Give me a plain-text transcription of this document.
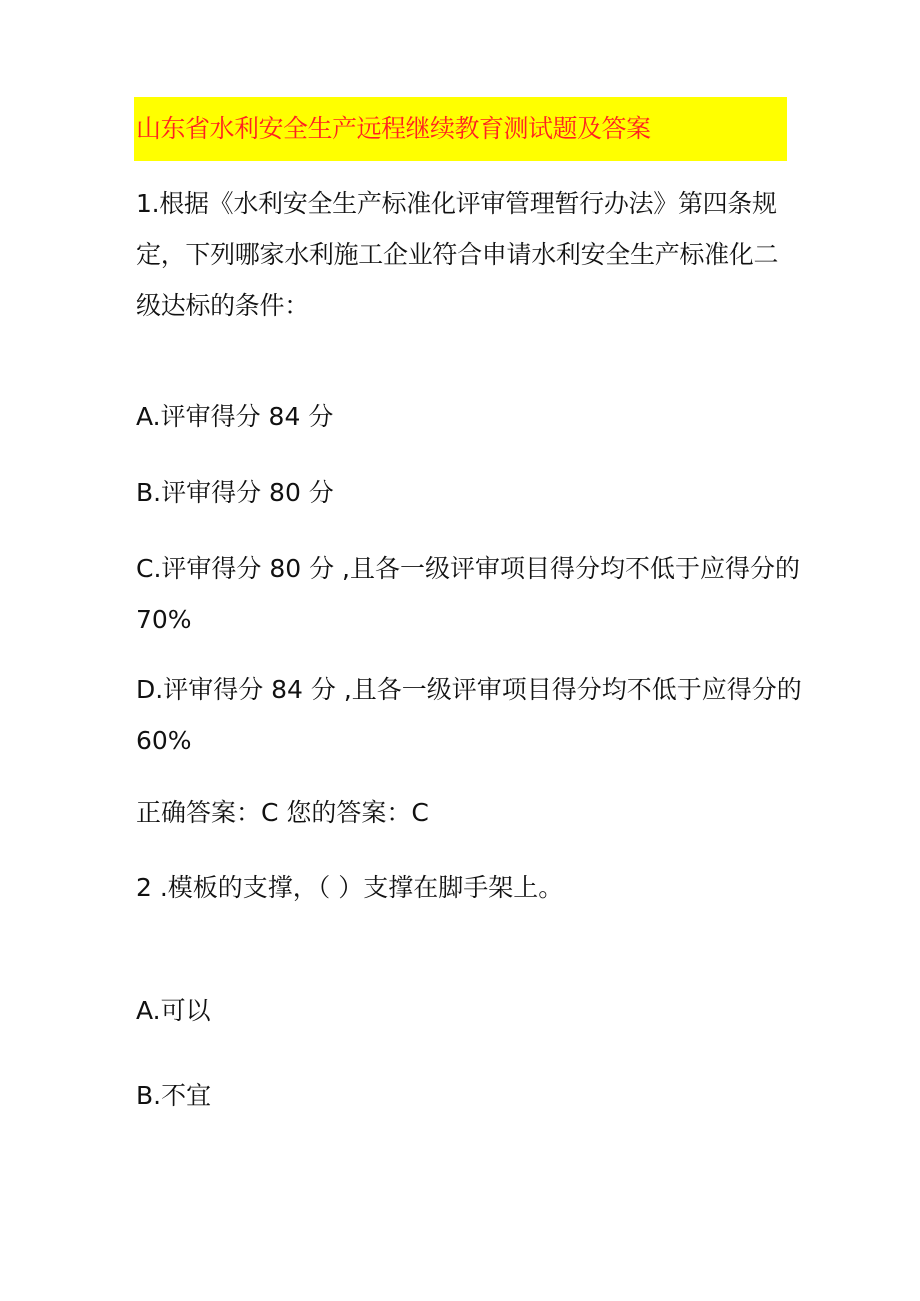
山东省水利安全生产远程继续教育测试题及答案
1.根据《水利安全生产标准化评审管理暂行办法》第四条规
定，下列哪家水利施工企业符合申请水利安全生产标准化二
级达标的条件：
A.评审得分 84 分
B.评审得分 80 分
C.评审得分 80 分 ,且各一级评审项目得分均不低于应得分的
70%
D.评审得分 84 分 ,且各一级评审项目得分均不低于应得分的
60%
正确答案：C 您的答案：C
2 .模板的支撑，（ ）支撑在脚手架上。
A.可以
B.不宜
